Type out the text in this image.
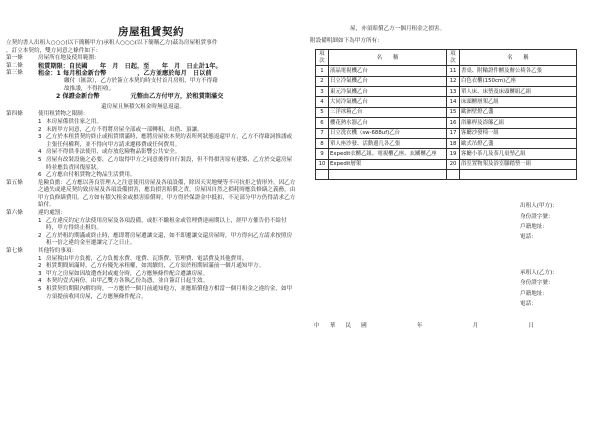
房屋租賃契約
立契約書人出租人○○○(以下簡稱甲方)承租人○○○(以下簡稱乙方)茲為房屋租賃事件
，訂立本契約，雙方同意之條件如下：
第一條	房屋所在地及使用範圍：
第二條	租賃期限：自民國　　年　月　日起，至　　年　月　日止計1年。
第三條	租金：1 每月租金新台幣　　　　　，乙方並應於每月　日以前
繳付（匯款），乙方於簽立本契約時支付首月房租，甲方不得藉
故推諉，不得拒收。
2 保證金新台幣　　　　　元整由乙方付甲方，於租賃期滿交
還房屋且無積欠租金時無息返還。
第四條	使用租賃物之限制：
1 本房屋係供住家之用。
2 未經甲方同意，乙方不得將房屋全部或一部轉租、出借、頂讓。
3 乙方於本租賃契約終止或租賃期滿時，應將房屋依本契約表所列狀態返還甲方，乙方不得藉詞推諉或主張任何權利，並不得向甲方請求遷移費或任何費用。
4 房屋不得供非法使用，或存放危險物品影響公共安全。
5 房屋有改裝設施之必要，乙方取得甲方之同意後得自行裝設，但不得損害原有建築，乙方於交還房屋時並應負責回復原狀。
6 乙方應自付租賃物之物品生活費用。
第五條	危險負擔：乙方應以善良管理人之注意使用房屋及各項設備，除因天災地變等不可抗拒之情形外，因乙方之過失或違反契約致房屋及各項設備損害，應負損害賠償之責。房屋因自然之損耗時應負修繕之義務，由甲方負修繕費用。乙方如有積欠租金或損害賠償時，甲方得於保證金中抵扣，不足部分甲方仍得請求乙方給付。
第六條	違約處罰：
1 乙方違反約定方法使用房屋及各項設備，或拒不繳租金或管理費達兩期以上，經甲方催告仍不給付時，甲方得終止租約。
2 乙方於租約期滿或終止時，應即將房屋遷讓交還，如不即遷讓交還房屋時，甲方得向乙方請求按照房租一倍之違約金至遷讓完了之日止。
第七條	其他特約事項：
1 房屋稅由甲方負擔，乙方負擔水費、電費、瓦斯費、管理費、電話費及其他費用。
2 租賃期間屆滿時，乙方有優先承租權，如需續約，乙方須於租期屆滿前一個月通知甲方。
3 甲方之房屋如因故遭查封或處分時，乙方應無條件配合遷讓房屋。
4 本契約壹式兩份，由甲乙雙方各執乙份為憑，並自簽訂日起生效。
5 租賃契約期限內解約時，一方應於一個月前通知他方，並應賠償他方相當一個月租金之違約金，如甲方須提前收回房屋，乙方應無條件配合。
屋，亦須賠償乙方一個月租金之損害。
附設備明細如下為甲方所有：
項次	名　　稱	項次	名　　稱
1	液晶電視機乙台	11	書桌、附輪證件櫃及辦公椅各乙張
2	日立冷氣機乙台	12	白色衣櫃(150cm)乙座
3	東元冷氣機乙台	13	單人床、床墊及床頭櫃組乙組
4	大同冷氣機乙台	14	床頭櫃層架乙組
5	三洋冰箱乙台	15	歐洲壁燈乙盞
6	櫻花熱水器乙台	16	浴簾桿及浴簾乙組
7	日立洗衣機（sw-688uf)乙台	17	客廳沙發椅一組
8	單人座沙發、活動邊几各乙張	18	歐式吊燈乙盞
9	Expedit衣櫃乙組、電視櫃乙座、玄關櫃乙座	19	客廳小茶几及茶几桌墊乙組
10	Expedit層架	20	浴室置物架及浴室腳踏墊一組

出租人(甲方)：
身份證字號：
戶籍地址：
電話：
承租人(乙方)：
身份證字號：
戶籍地址：
電話：
中 華 民 國	年	月	日
